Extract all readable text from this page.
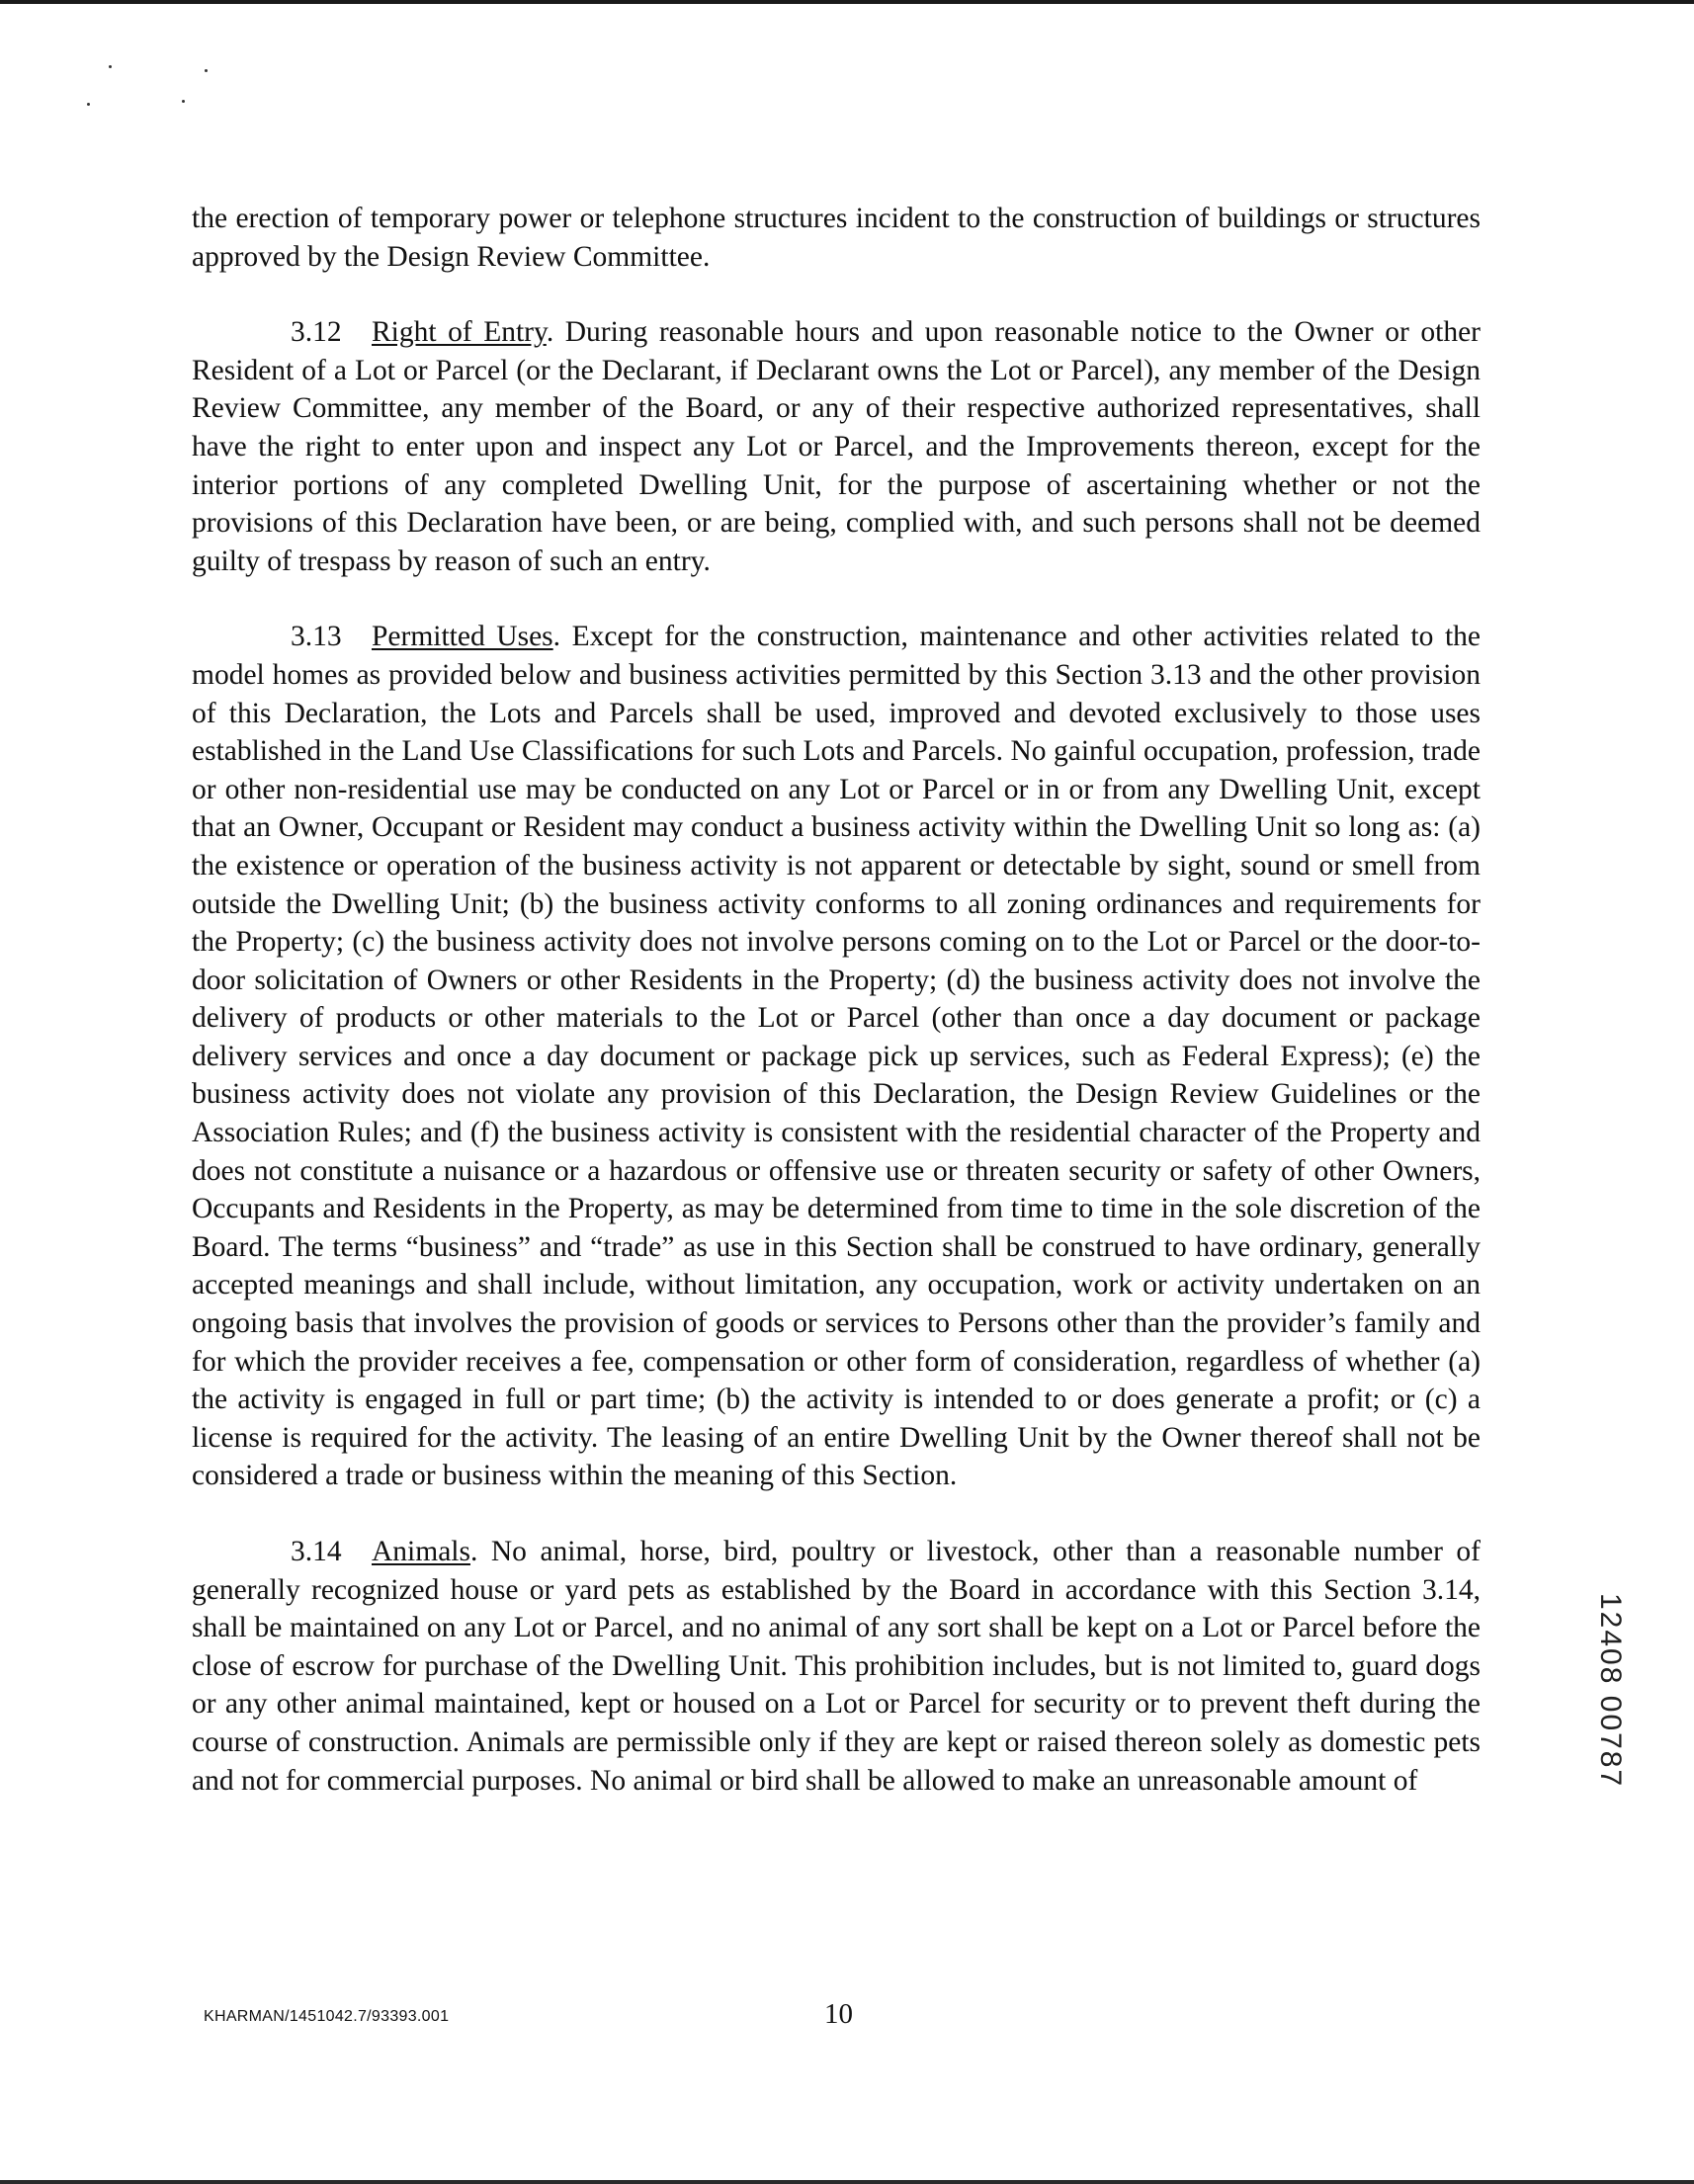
the erection of temporary power or telephone structures incident to the construction of buildings or structures approved by the Design Review Committee.

3.12 Right of Entry. During reasonable hours and upon reasonable notice to the Owner or other Resident of a Lot or Parcel (or the Declarant, if Declarant owns the Lot or Parcel), any member of the Design Review Committee, any member of the Board, or any of their respective authorized representatives, shall have the right to enter upon and inspect any Lot or Parcel, and the Improvements thereon, except for the interior portions of any completed Dwelling Unit, for the purpose of ascertaining whether or not the provisions of this Declaration have been, or are being, complied with, and such persons shall not be deemed guilty of trespass by reason of such an entry.

3.13 Permitted Uses. Except for the construction, maintenance and other activities related to the model homes as provided below and business activities permitted by this Section 3.13 and the other provision of this Declaration, the Lots and Parcels shall be used, improved and devoted exclusively to those uses established in the Land Use Classifications for such Lots and Parcels. No gainful occupation, profession, trade or other non-residential use may be conducted on any Lot or Parcel or in or from any Dwelling Unit, except that an Owner, Occupant or Resident may conduct a business activity within the Dwelling Unit so long as: (a) the existence or operation of the business activity is not apparent or detectable by sight, sound or smell from outside the Dwelling Unit; (b) the business activity conforms to all zoning ordinances and requirements for the Property; (c) the business activity does not involve persons coming on to the Lot or Parcel or the door-to-door solicitation of Owners or other Residents in the Property; (d) the business activity does not involve the delivery of products or other materials to the Lot or Parcel (other than once a day document or package delivery services and once a day document or package pick up services, such as Federal Express); (e) the business activity does not violate any provision of this Declaration, the Design Review Guidelines or the Association Rules; and (f) the business activity is consistent with the residential character of the Property and does not constitute a nuisance or a hazardous or offensive use or threaten security or safety of other Owners, Occupants and Residents in the Property, as may be determined from time to time in the sole discretion of the Board. The terms “business” and “trade” as use in this Section shall be construed to have ordinary, generally accepted meanings and shall include, without limitation, any occupation, work or activity undertaken on an ongoing basis that involves the provision of goods or services to Persons other than the provider’s family and for which the provider receives a fee, compensation or other form of consideration, regardless of whether (a) the activity is engaged in full or part time; (b) the activity is intended to or does generate a profit; or (c) a license is required for the activity. The leasing of an entire Dwelling Unit by the Owner thereof shall not be considered a trade or business within the meaning of this Section.

3.14 Animals. No animal, horse, bird, poultry or livestock, other than a reasonable number of generally recognized house or yard pets as established by the Board in accordance with this Section 3.14, shall be maintained on any Lot or Parcel, and no animal of any sort shall be kept on a Lot or Parcel before the close of escrow for purchase of the Dwelling Unit. This prohibition includes, but is not limited to, guard dogs or any other animal maintained, kept or housed on a Lot or Parcel for security or to prevent theft during the course of construction. Animals are permissible only if they are kept or raised thereon solely as domestic pets and not for commercial purposes. No animal or bird shall be allowed to make an unreasonable amount of	12408 00787
KHARMAN/1451042.7/93393.001	10
